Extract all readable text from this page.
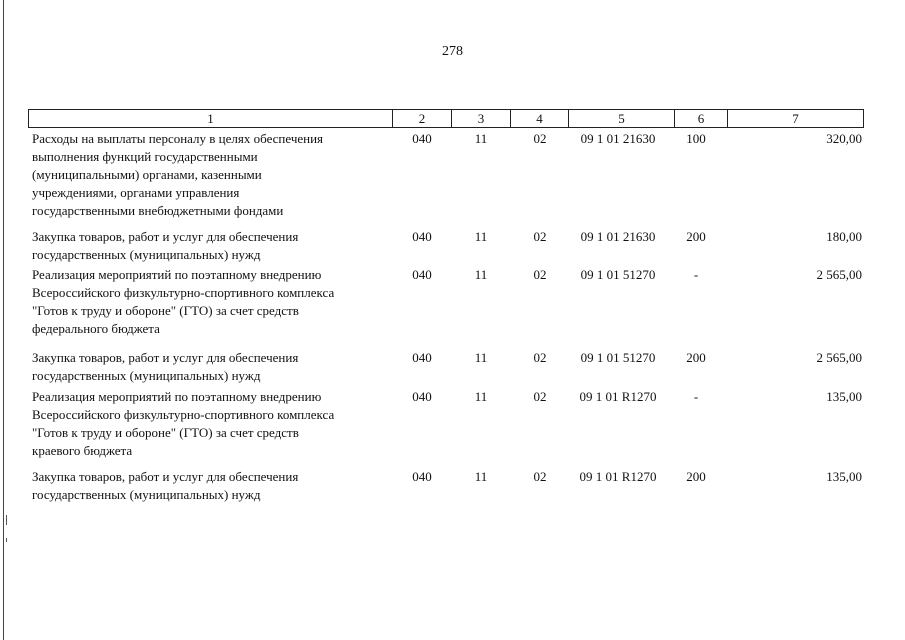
278
1	2	3	4	5	6	7
Расходы на выплаты персоналу в целях обеспечения
выполнения функций государственными
(муниципальными) органами, казенными
учреждениями, органами управления
государственными внебюджетными фондами
040	11	02	09 1 01 21630	100	320,00
Закупка товаров, работ и услуг для обеспечения
государственных (муниципальных) нужд
040	11	02	09 1 01 21630	200	180,00
Реализация мероприятий по поэтапному внедрению
Всероссийского физкультурно-спортивного комплекса
"Готов к труду и обороне" (ГТО) за счет средств
федерального бюджета
040	11	02	09 1 01 51270	-	2 565,00
Закупка товаров, работ и услуг для обеспечения
государственных (муниципальных) нужд
040	11	02	09 1 01 51270	200	2 565,00
Реализация мероприятий по поэтапному внедрению
Всероссийского физкультурно-спортивного комплекса
"Готов к труду и обороне" (ГТО) за счет средств
краевого бюджета
040	11	02	09 1 01 R1270	-	135,00
Закупка товаров, работ и услуг для обеспечения
государственных (муниципальных) нужд
040	11	02	09 1 01 R1270	200	135,00
